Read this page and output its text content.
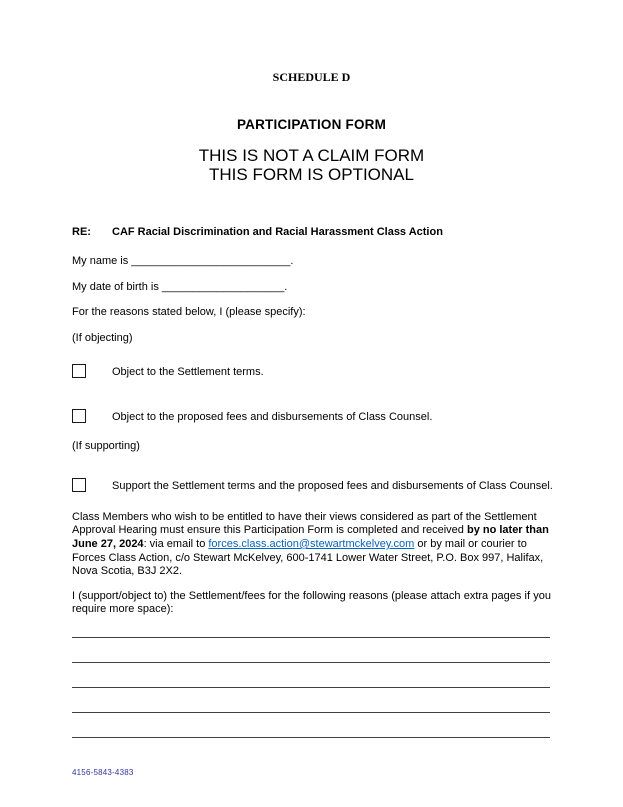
SCHEDULE D
PARTICIPATION FORM
THIS IS NOT A CLAIM FORM
THIS FORM IS OPTIONAL
RE:	CAF Racial Discrimination and Racial Harassment Class Action
My name is __________________________.
My date of birth is ____________________.
For the reasons stated below, I (please specify):
(If objecting)
Object to the Settlement terms.
Object to the proposed fees and disbursements of Class Counsel.
(If supporting)
Support the Settlement terms and the proposed fees and disbursements of Class Counsel.
Class Members who wish to be entitled to have their views considered as part of the Settlement Approval Hearing must ensure this Participation Form is completed and received by no later than June 27, 2024: via email to forces.class.action@stewartmckelvey.com or by mail or courier to Forces Class Action, c/o Stewart McKelvey, 600-1741 Lower Water Street, P.O. Box 997, Halifax, Nova Scotia, B3J 2X2.
I (support/object to) the Settlement/fees for the following reasons (please attach extra pages if you require more space):
4156-5843-4383
